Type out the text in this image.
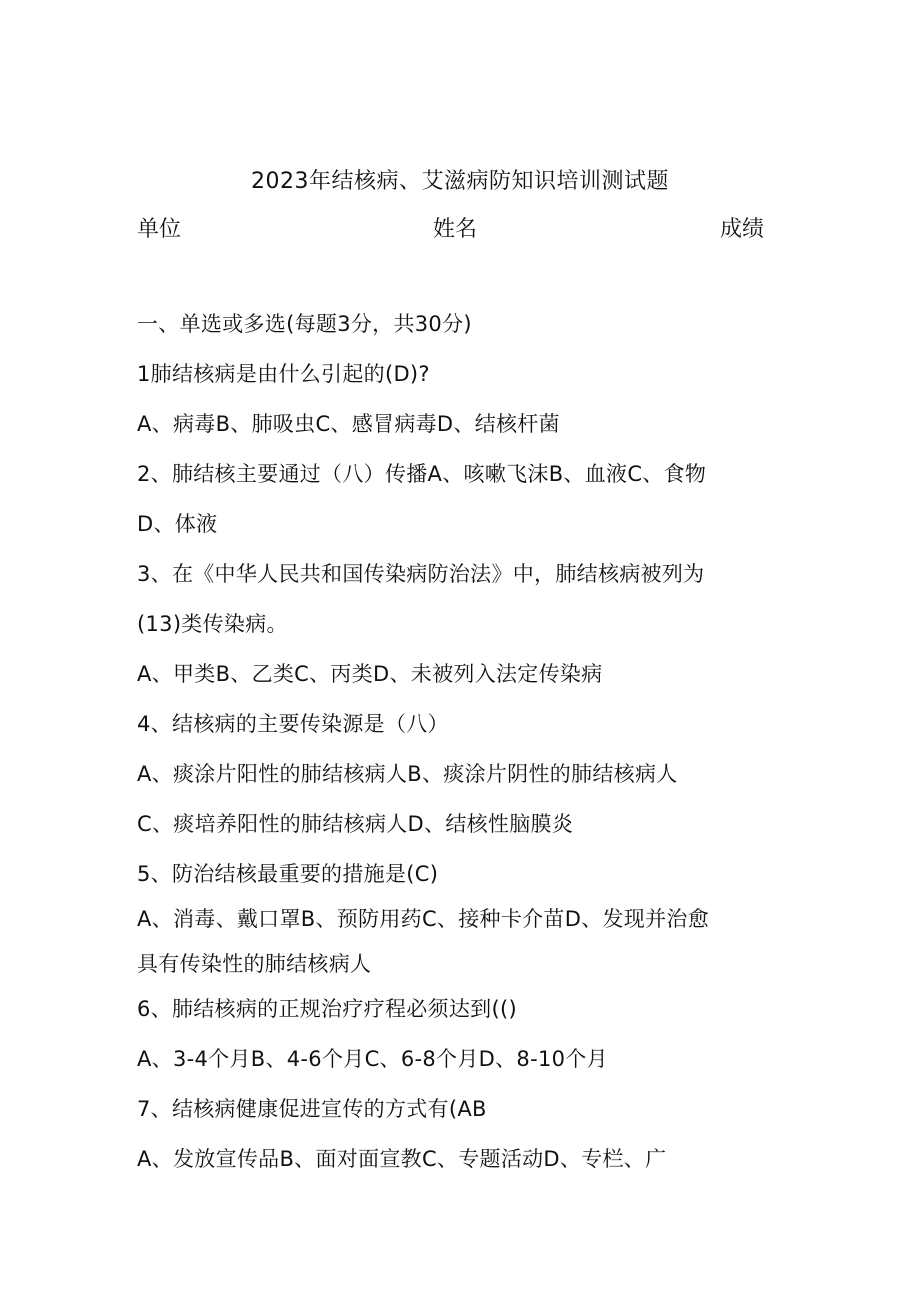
2023年结核病、艾滋病防知识培训测试题
单位	姓名	成绩
一、单选或多选(每题3分，共30分)
1肺结核病是由什么引起的(D)?
A、病毒B、肺吸虫C、感冒病毒D、结核杆菌
2、肺结核主要通过（八）传播A、咳嗽飞沫B、血液C、食物
D、体液
3、在《中华人民共和国传染病防治法》中，肺结核病被列为
(13)类传染病。
A、甲类B、乙类C、丙类D、未被列入法定传染病
4、结核病的主要传染源是（八）
A、痰涂片阳性的肺结核病人B、痰涂片阴性的肺结核病人
C、痰培养阳性的肺结核病人D、结核性脑膜炎
5、防治结核最重要的措施是(C)
A、消毒、戴口罩B、预防用药C、接种卡介苗D、发现并治愈
具有传染性的肺结核病人
6、肺结核病的正规治疗疗程必须达到(()
A、3-4个月B、4-6个月C、6-8个月D、8-10个月
7、结核病健康促进宣传的方式有(AB
A、发放宣传品B、面对面宣教C、专题活动D、专栏、广
